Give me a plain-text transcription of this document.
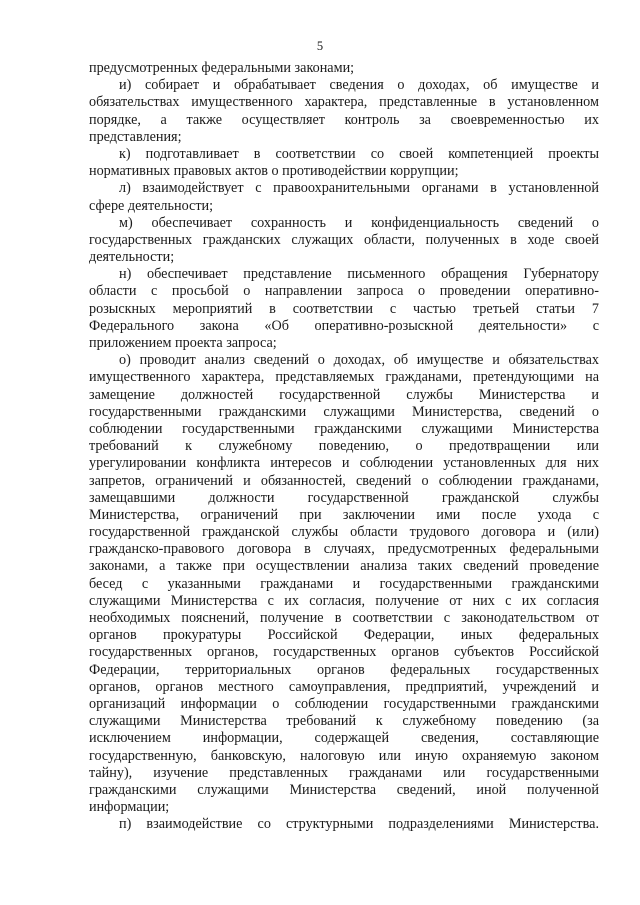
5
предусмотренных федеральными законами;
и) собирает и обрабатывает сведения о доходах, об имуществе и
обязательствах имущественного характера, представленные в установленном
порядке, а также осуществляет контроль за своевременностью их
представления;
к) подготавливает в соответствии со своей компетенцией проекты
нормативных правовых актов о противодействии коррупции;
л) взаимодействует с правоохранительными органами в установленной
сфере деятельности;
м) обеспечивает сохранность и конфиденциальность сведений о
государственных гражданских служащих области, полученных в ходе своей
деятельности;
н) обеспечивает представление письменного обращения Губернатору
области с просьбой о направлении запроса о проведении оперативно-
розыскных мероприятий в соответствии с частью третьей статьи 7
Федерального закона «Об оперативно-розыскной деятельности» с
приложением проекта запроса;
о) проводит анализ сведений о доходах, об имуществе и обязательствах
имущественного характера, представляемых гражданами, претендующими на
замещение должностей государственной службы Министерства и
государственными гражданскими служащими Министерства, сведений о
соблюдении государственными гражданскими служащими Министерства
требований к служебному поведению, о предотвращении или
урегулировании конфликта интересов и соблюдении установленных для них
запретов, ограничений и обязанностей, сведений о соблюдении гражданами,
замещавшими должности государственной гражданской службы
Министерства, ограничений при заключении ими после ухода с
государственной гражданской службы области трудового договора и (или)
гражданско-правового договора в случаях, предусмотренных федеральными
законами, а также при осуществлении анализа таких сведений проведение
бесед с указанными гражданами и государственными гражданскими
служащими Министерства с их согласия, получение от них с их согласия
необходимых пояснений, получение в соответствии с законодательством от
органов прокуратуры Российской Федерации, иных федеральных
государственных органов, государственных органов субъектов Российской
Федерации, территориальных органов федеральных государственных
органов, органов местного самоуправления, предприятий, учреждений и
организаций информации о соблюдении государственными гражданскими
служащими Министерства требований к служебному поведению (за
исключением информации, содержащей сведения, составляющие
государственную, банковскую, налоговую или иную охраняемую законом
тайну), изучение представленных гражданами или государственными
гражданскими служащими Министерства сведений, иной полученной
информации;
п) взаимодействие со структурными подразделениями Министерства.
